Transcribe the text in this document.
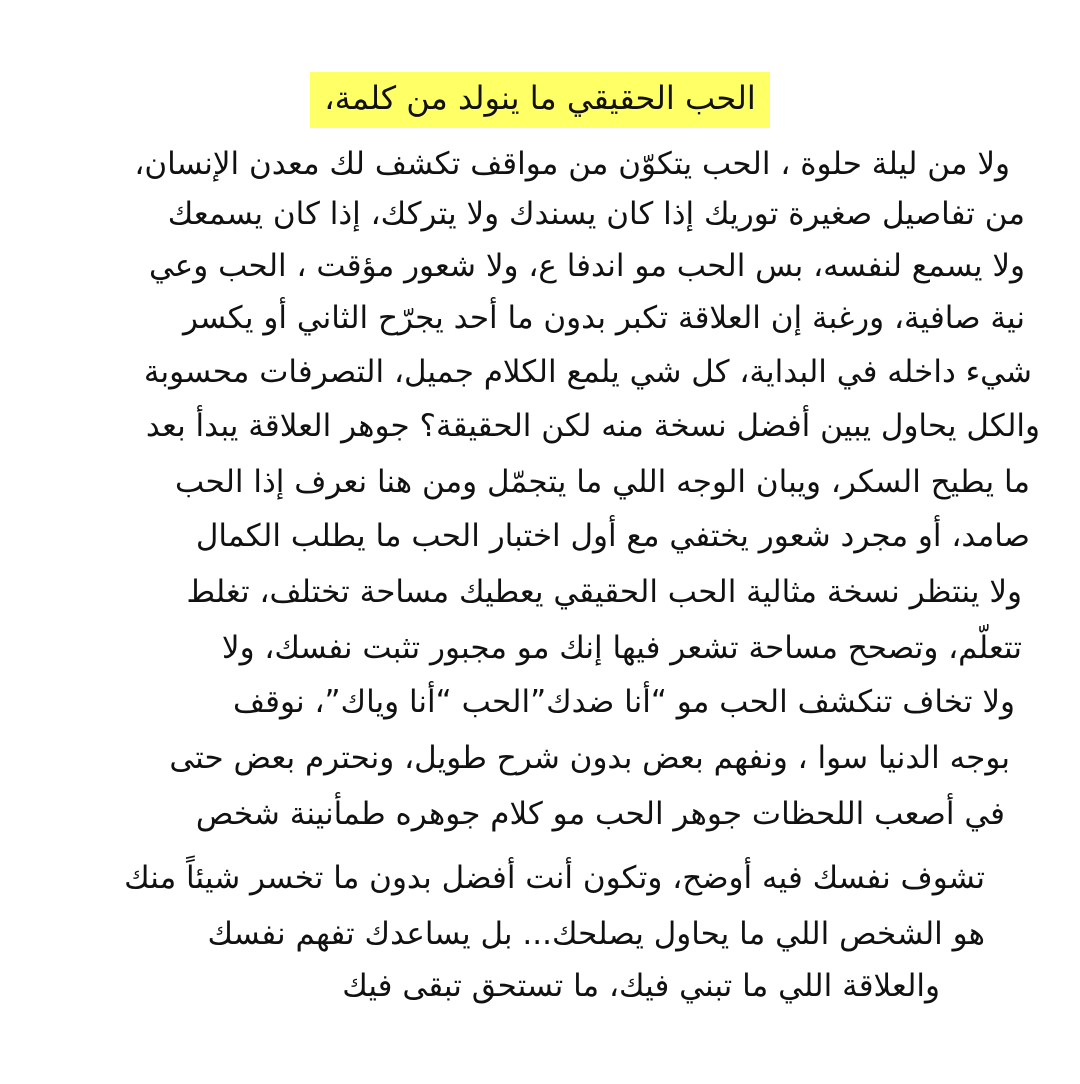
الحب الحقيقي ما ينولد من كلمة،
ولا من ليلة حلوة ، الحب يتكوّن من مواقف تكشف لك معدن الإنسان،
من تفاصيل صغيرة توريك إذا كان يسندك ولا يتركك، إذا كان يسمعك
ولا يسمع لنفسه، بس الحب مو اندفا ع، ولا شعور مؤقت ، الحب وعي
نية صافية، ورغبة إن العلاقة تكبر بدون ما أحد يجرّح الثاني أو يكسر
شيء داخله في البداية، كل شي يلمع الكلام جميل، التصرفات محسوبة
والكل يحاول يبين أفضل نسخة منه لكن الحقيقة؟ جوهر العلاقة يبدأ بعد
ما يطيح السكر، ويبان الوجه اللي ما يتجمّل ومن هنا نعرف إذا الحب
صامد، أو مجرد شعور يختفي مع أول اختبار الحب ما يطلب الكمال
ولا ينتظر نسخة مثالية الحب الحقيقي يعطيك مساحة تختلف، تغلط
تتعلّم، وتصحح مساحة تشعر فيها إنك مو مجبور تثبت نفسك، ولا
ولا تخاف تنكشف الحب مو “أنا ضدك”الحب “أنا وياك”، نوقف
بوجه الدنيا سوا ، ونفهم بعض بدون شرح طويل، ونحترم بعض حتى
في أصعب اللحظات جوهر الحب مو كلام جوهره طمأنينة شخص
تشوف نفسك فيه أوضح، وتكون أنت أفضل بدون ما تخسر شيئاً منك
هو الشخص اللي ما يحاول يصلحك... بل يساعدك تفهم نفسك
والعلاقة اللي ما تبني فيك، ما تستحق تبقى فيك
